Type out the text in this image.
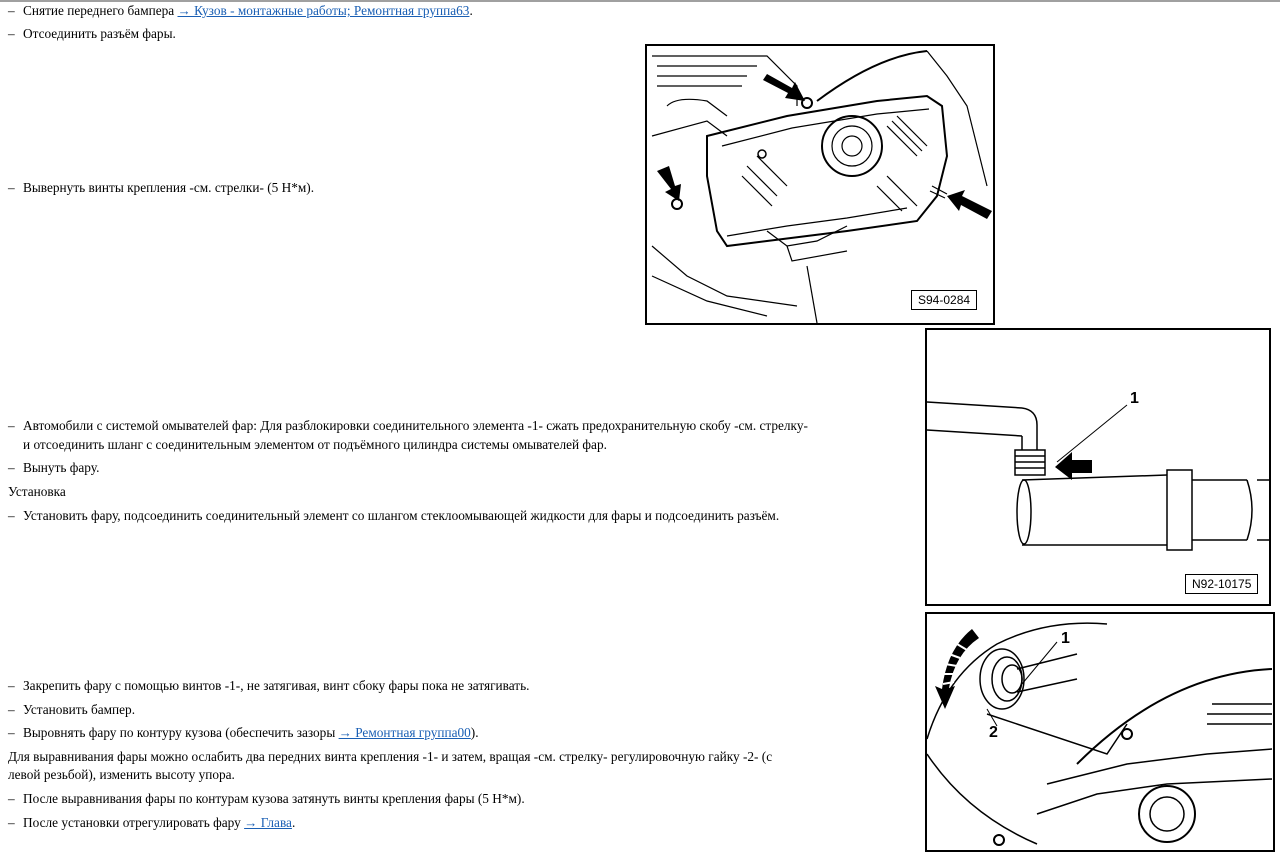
– Снятие переднего бампера → Кузов - монтажные работы; Ремонтная группа63.
– Отсоединить разъём фары.
– Вывернуть винты крепления -см. стрелки- (5 Н*м).
– Автомобили с системой омывателей фар: Для разблокировки соединительного элемента -1- сжать предохранительную скобу -см. стрелку-
и отсоединить шланг с соединительным элементом от подъёмного цилиндра системы омывателей фар.
– Вынуть фару.
Установка
– Установить фару, подсоединить соединительный элемент со шлангом стеклоомывающей жидкости для фары и подсоединить разъём.
– Закрепить фару с помощью винтов -1-, не затягивая, винт сбоку фары пока не затягивать.
– Установить бампер.
– Выровнять фару по контуру кузова (обеспечить зазоры → Ремонтная группа00).
Для выравнивания фары можно ослабить два передних винта крепления -1- и затем, вращая -см. стрелку- регулировочную гайку -2- (с
левой резьбой), изменить высоту упора.
– После выравнивания фары по контурам кузова затянуть винты крепления фары (5 Н*м).
– После установки отрегулировать фару → Глава.
S94-0284
1
N92-10175
1
2
